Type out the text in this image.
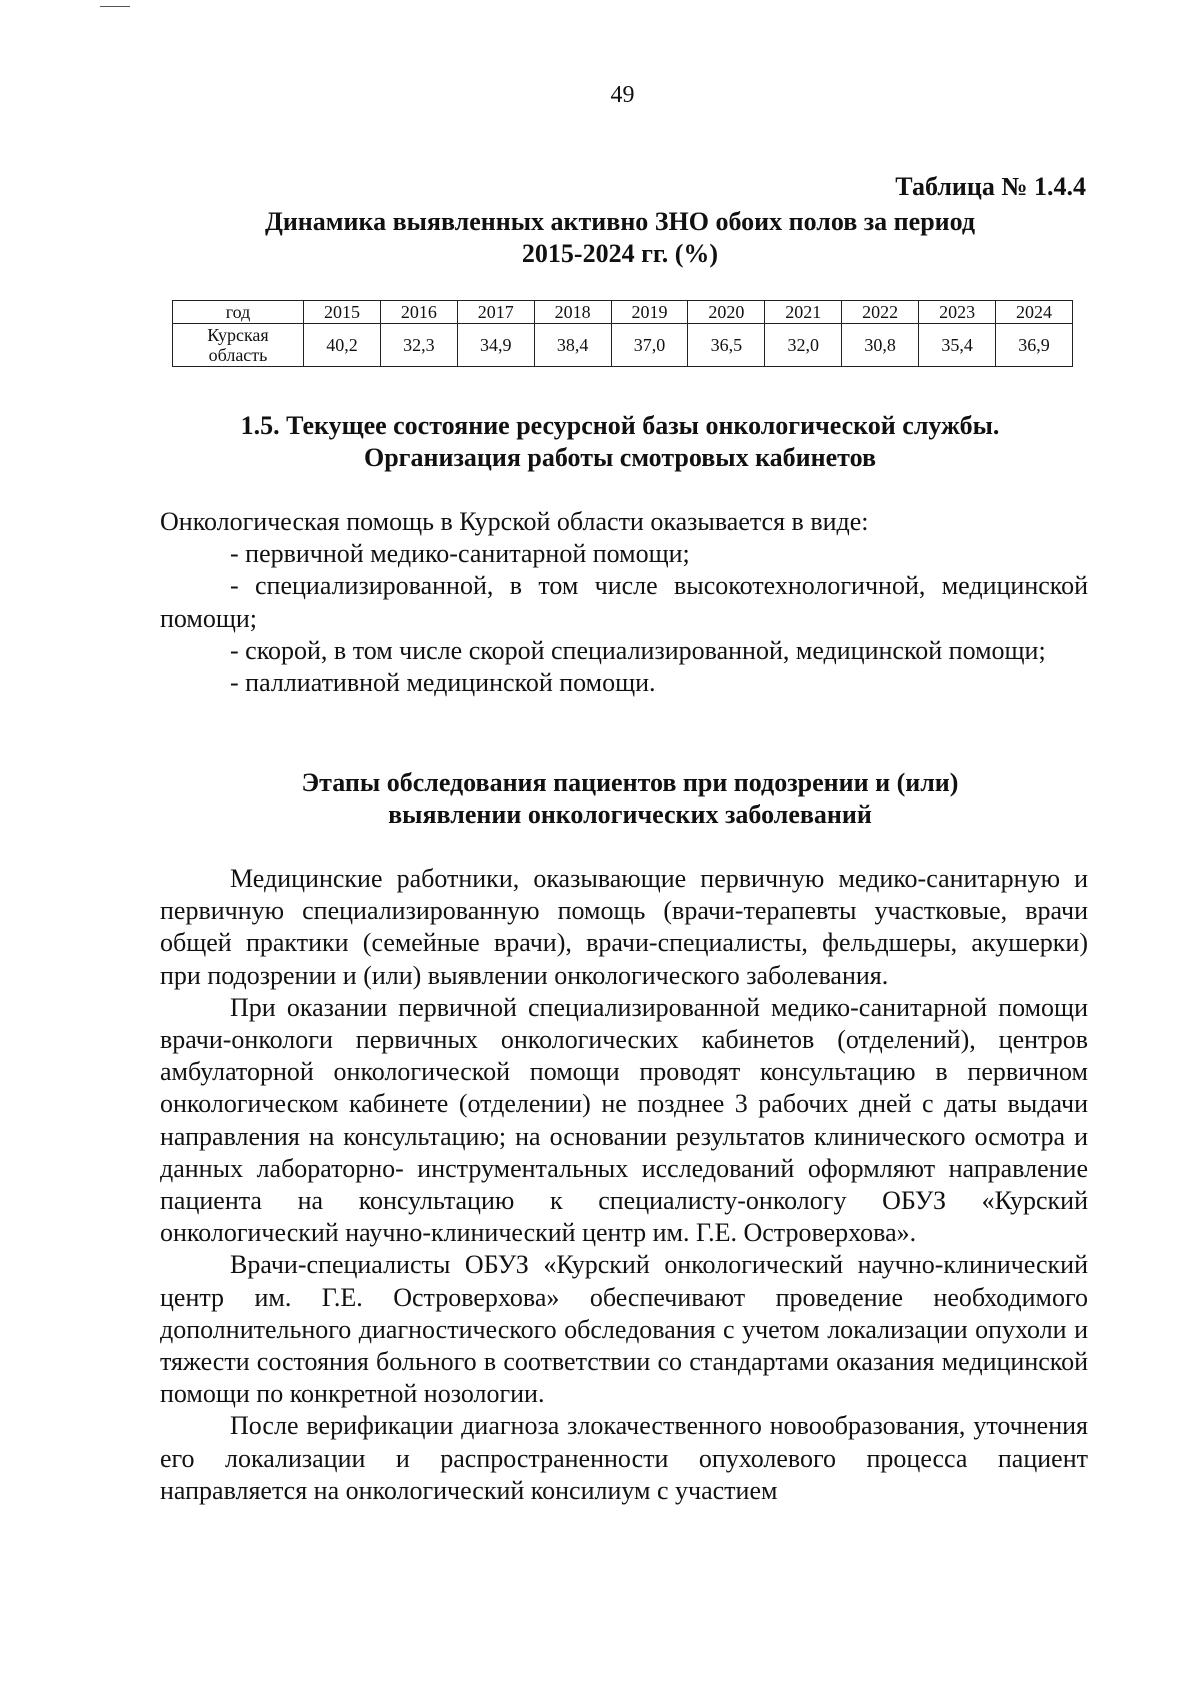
49
Таблица № 1.4.4
Динамика выявленных активно ЗНО обоих полов за период
2015-2024 гг. (%)
год	2015	2016	2017	2018	2019	2020	2021	2022	2023	2024

Курская
область	40,2	32,3	34,9	38,4	37,0	36,5	32,0	30,8	35,4	36,9
1.5. Текущее состояние ресурсной базы онкологической службы.
Организация работы смотровых кабинетов

Онкологическая помощь в Курской области оказывается в виде:

- первичной медико-санитарной помощи;

- специализированной, в том числе высокотехнологичной, медицинской помощи;

- скорой, в том числе скорой специализированной, медицинской помощи;

- паллиативной медицинской помощи.

Этапы обследования пациентов при подозрении и (или)
выявлении онкологических заболеваний

Медицинские работники, оказывающие первичную медико-санитарную и первичную специализированную помощь (врачи-терапевты участковые, врачи общей практики (семейные врачи), врачи-специалисты, фельдшеры, акушерки) при подозрении и (или) выявлении онкологического заболевания.

При оказании первичной специализированной медико-санитарной помощи врачи-онкологи первичных онкологических кабинетов (отделений), центров амбулаторной онкологической помощи проводят консультацию в первичном онкологическом кабинете (отделении) не позднее 3 рабочих дней с даты выдачи направления на консультацию; на основании результатов клинического осмотра и данных лабораторно- инструментальных исследований оформляют направление пациента на консультацию к специалисту-онкологу ОБУЗ «Курский онкологический научно-клинический центр им. Г.Е. Островерхова».

Врачи-специалисты ОБУЗ «Курский онкологический научно-клинический центр им. Г.Е. Островерхова» обеспечивают проведение необходимого дополнительного диагностического обследования с учетом локализации опухоли и тяжести состояния больного в соответствии со стандартами оказания медицинской помощи по конкретной нозологии.

После верификации диагноза злокачественного новообразования, уточнения его локализации и распространенности опухолевого процесса пациент направляется на онкологический консилиум с участием
